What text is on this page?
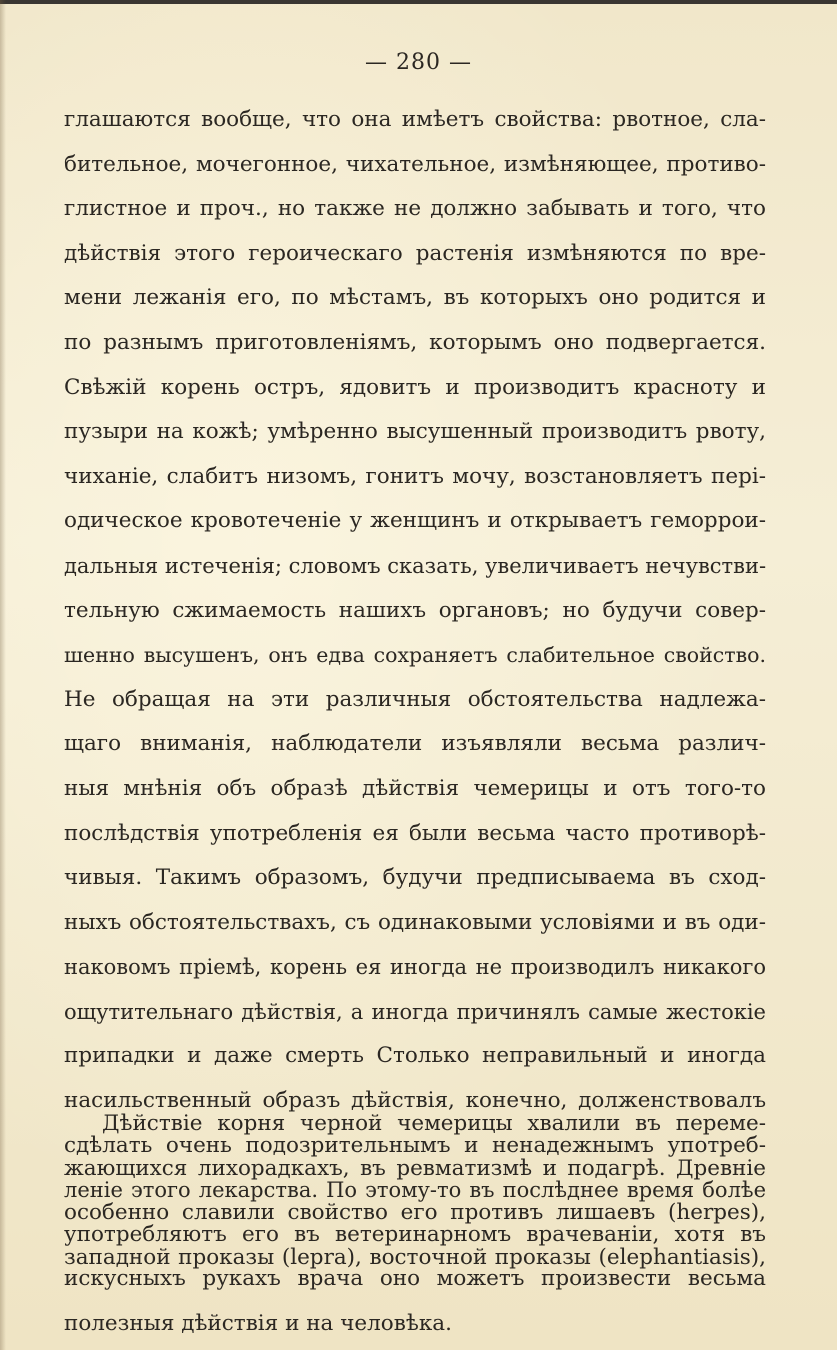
— 280 —
глашаются вообще, что она имѣетъ свойства: рвотное, сла-
бительное, мочегонное, чихательное, измѣняющее, противо-
глистное и проч., но также не должно забывать и того, что
дѣйствія этого героическаго растенія измѣняются по вре-
мени лежанія его, по мѣстамъ, въ которыхъ оно родится и
по разнымъ приготовленіямъ, которымъ оно подвергается.
Свѣжій корень остръ, ядовитъ и производитъ красноту и
пузыри на кожѣ; умѣренно высушенный производитъ рвоту,
чиханіе, слабитъ низомъ, гонитъ мочу, возстановляетъ пері-
одическое кровотеченіе у женщинъ и открываетъ геморрои-
дальныя истеченія; словомъ сказать, увеличиваетъ нечувстви-
тельную сжимаемость нашихъ органовъ; но будучи совер-
шенно высушенъ, онъ едва сохраняетъ слабительное свойство.
Не обращая на эти различныя обстоятельства надлежа-
щаго вниманія, наблюдатели изъявляли весьма различ-
ныя мнѣнія объ образѣ дѣйствія чемерицы и отъ того-то
послѣдствія употребленія ея были весьма часто противорѣ-
чивыя. Такимъ образомъ, будучи предписываема въ сход-
ныхъ обстоятельствахъ, съ одинаковыми условіями и въ оди-
наковомъ пріемѣ, корень ея иногда не производилъ никакого
ощутительнаго дѣйствія, а иногда причинялъ самые жестокіе
припадки и даже смерть Столько неправильный и иногда
насильственный образъ дѣйствія, конечно, долженствовалъ
сдѣлать очень подозрительнымъ и ненадежнымъ употреб-
леніе этого лекарства. По этому-то въ послѣднее время болѣе
употребляютъ его въ ветеринарномъ врачеваніи, хотя въ
искусныхъ рукахъ врача оно можетъ произвести весьма
полезныя дѣйствія и на человѣка.
Дѣйствіе корня черной чемерицы хвалили въ переме-
жающихся лихорадкахъ, въ ревматизмѣ и подагрѣ. Древніе
особенно славили свойство его противъ лишаевъ (herpes),
западной проказы (lepra), восточной проказы (elephantiasis),
